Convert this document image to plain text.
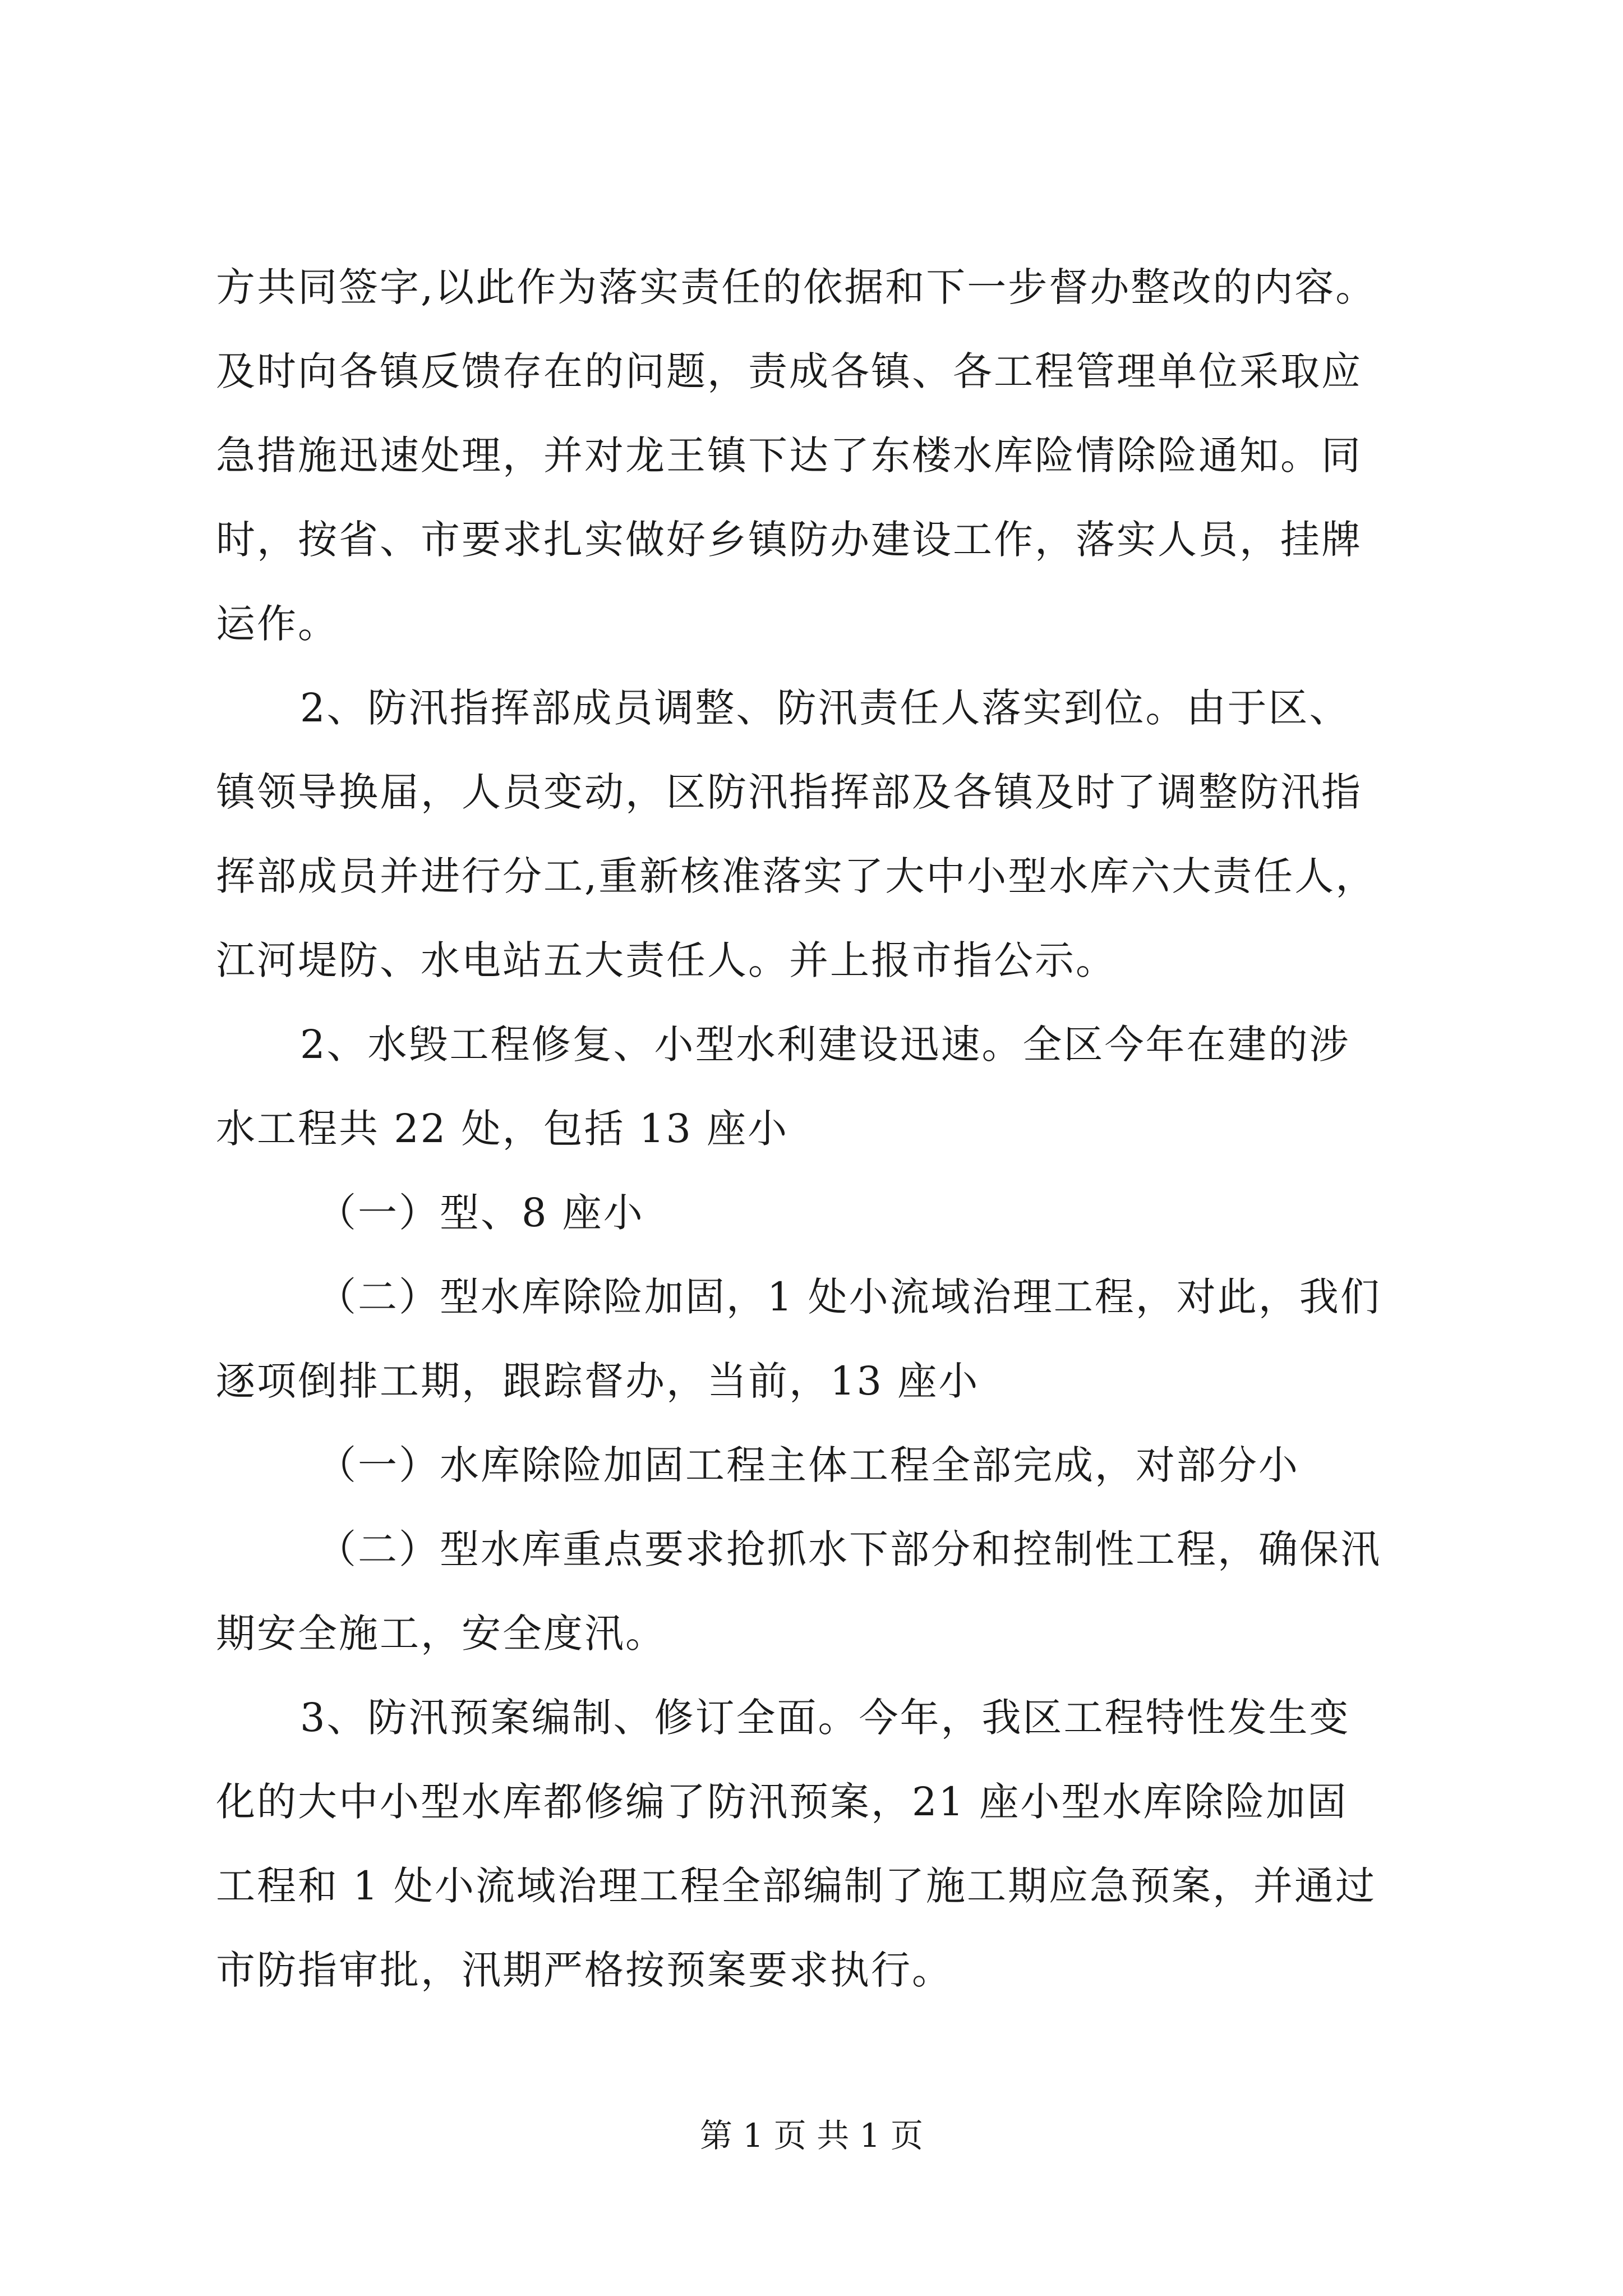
方共同签字,以此作为落实责任的依据和下一步督办整改的内容。
及时向各镇反馈存在的问题，责成各镇、各工程管理单位采取应
急措施迅速处理，并对龙王镇下达了东楼水库险情除险通知。同
时，按省、市要求扎实做好乡镇防办建设工作，落实人员，挂牌
运作。
2、防汛指挥部成员调整、防汛责任人落实到位。由于区、
镇领导换届，人员变动，区防汛指挥部及各镇及时了调整防汛指
挥部成员并进行分工,重新核准落实了大中小型水库六大责任人，
江河堤防、水电站五大责任人。并上报市指公示。
2、水毁工程修复、小型水利建设迅速。全区今年在建的涉
水工程共 22 处，包括 13 座小
（一）型、8 座小
（二）型水库除险加固，1 处小流域治理工程，对此，我们
逐项倒排工期，跟踪督办，当前，13 座小
（一）水库除险加固工程主体工程全部完成，对部分小
（二）型水库重点要求抢抓水下部分和控制性工程，确保汛
期安全施工，安全度汛。
3、防汛预案编制、修订全面。今年，我区工程特性发生变
化的大中小型水库都修编了防汛预案，21 座小型水库除险加固
工程和 1 处小流域治理工程全部编制了施工期应急预案，并通过
市防指审批，汛期严格按预案要求执行。
第 1 页 共 1 页
